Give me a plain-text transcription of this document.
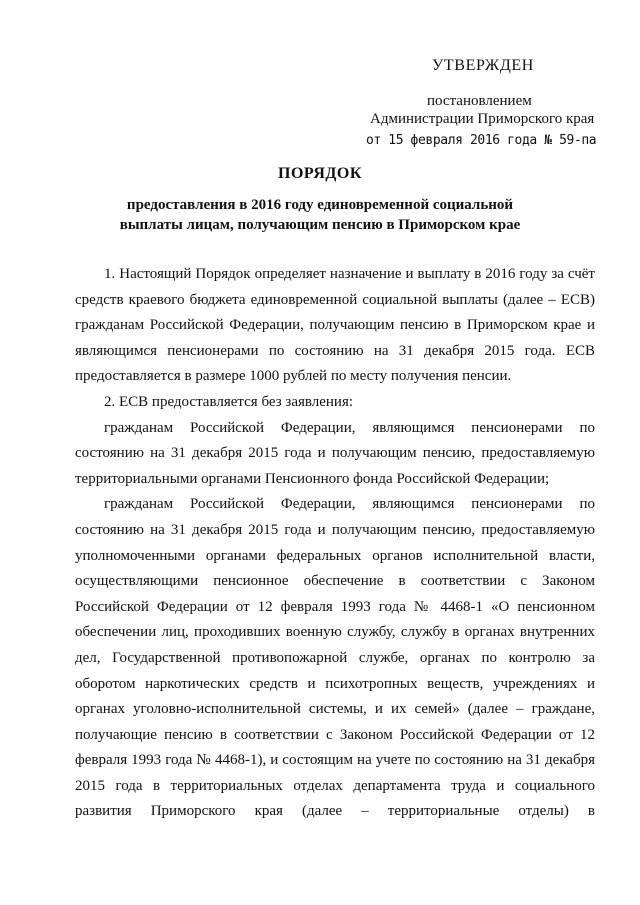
УТВЕРЖДЕН
постановлением
Администрации Приморского края
от 15 февраля 2016 года № 59-па
ПОРЯДОК
предоставления в 2016 году единовременной социальной
выплаты лицам, получающим пенсию в Приморском крае

1. Настоящий Порядок определяет назначение и выплату в 2016 году за счёт средств краевого бюджета единовременной социальной выплаты (далее – ЕСВ) гражданам Российской Федерации, получающим пенсию в Приморском крае и являющимся пенсионерами по состоянию на 31 декабря 2015 года. ЕСВ предоставляется в размере 1000 рублей по месту получения пенсии.

2. ЕСВ предоставляется без заявления:

гражданам Российской Федерации, являющимся пенсионерами по состоянию на 31 декабря 2015 года и получающим пенсию, предоставляемую территориальными органами Пенсионного фонда Российской Федерации;

гражданам Российской Федерации, являющимся пенсионерами по состоянию на 31 декабря 2015 года и получающим пенсию, предоставляемую уполномоченными органами федеральных органов исполнительной власти, осуществляющими пенсионное обеспечение в соответствии с Законом Российской Федерации от 12 февраля 1993 года № 4468-1 «О пенсионном обеспечении лиц, проходивших военную службу, службу в органах внутренних дел, Государственной противопожарной службе, органах по контролю за оборотом наркотических средств и психотропных веществ, учреждениях и органах уголовно-исполнительной системы, и их семей» (далее – граждане, получающие пенсию в соответствии с Законом Российской Федерации от 12 февраля 1993 года № 4468-1), и состоящим на учете по состоянию на 31 декабря 2015 года в территориальных отделах департамента труда и социального развития Приморского края (далее – территориальные отделы) в
